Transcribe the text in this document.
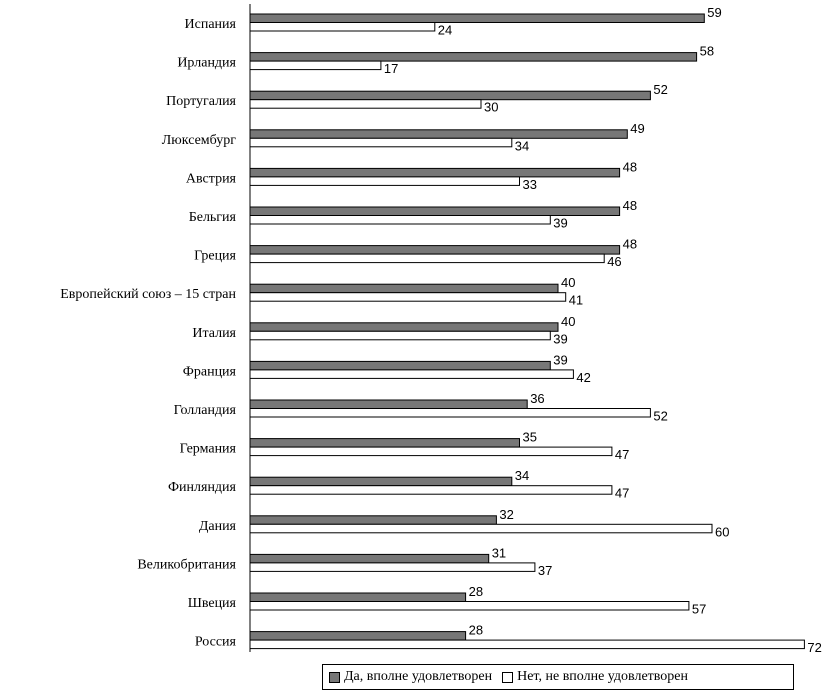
Испания
59
24
Ирландия
58
17
Португалия
52
30
Люксембург
49
34
Австрия
48
33
Бельгия
48
39
Греция
48
46
Европейский союз – 15 стран
40
41
Италия
40
39
Франция
39
42
Голландия
36
52
Германия
35
47
Финляндия
34
47
Дания
32
60
Великобритания
31
37
Швеция
28
57
Россия
28
72
Да, вполне удовлетворен Нет, не вполне удовлетворен
